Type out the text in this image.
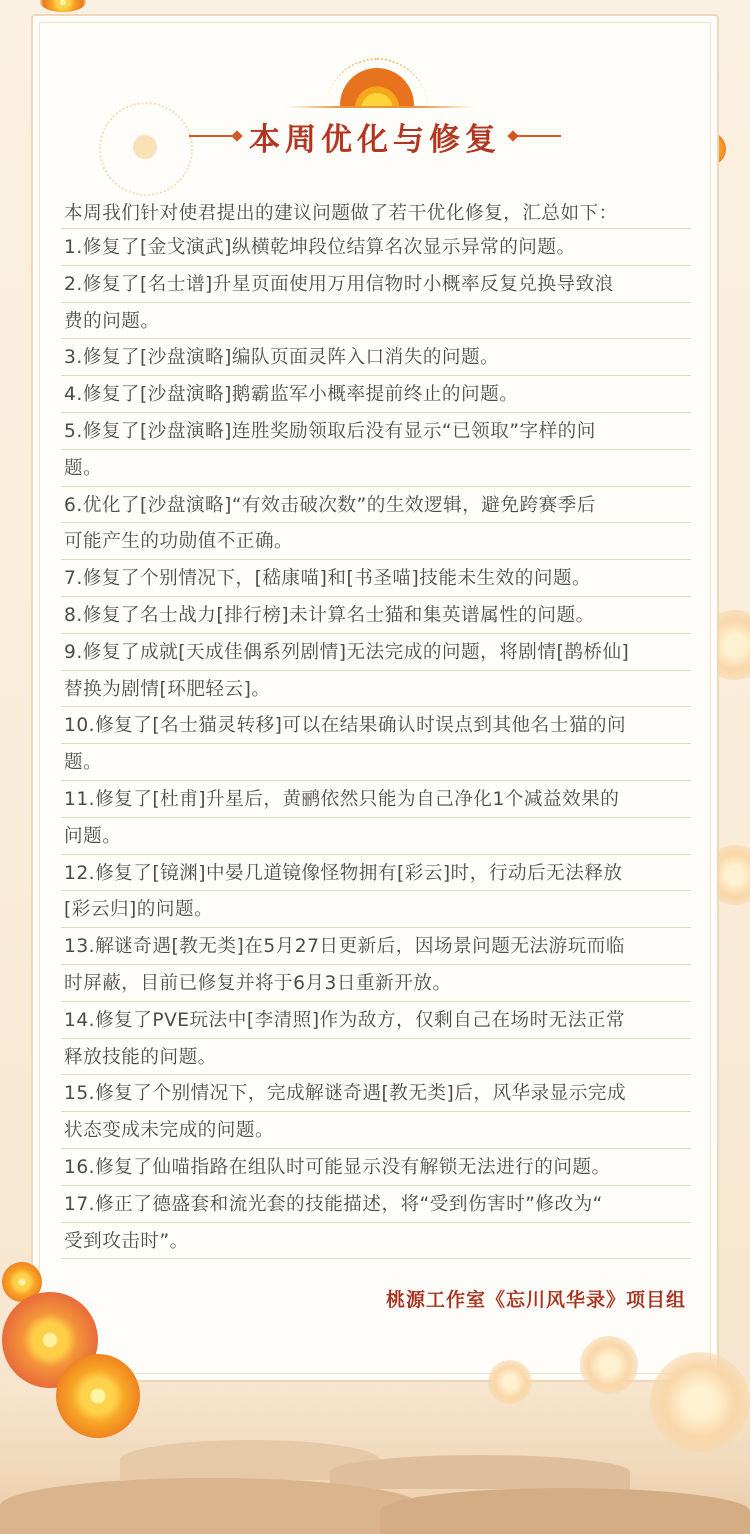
本周优化与修复
本周我们针对使君提出的建议问题做了若干优化修复，汇总如下：
1.修复了[金戈演武]纵横乾坤段位结算名次显示异常的问题。
2.修复了[名士谱]升星页面使用万用信物时小概率反复兑换导致浪
费的问题。
3.修复了[沙盘演略]编队页面灵阵入口消失的问题。
4.修复了[沙盘演略]鹅霸监军小概率提前终止的问题。
5.修复了[沙盘演略]连胜奖励领取后没有显示“已领取”字样的问
题。
6.优化了[沙盘演略]“有效击破次数”的生效逻辑，避免跨赛季后
可能产生的功勋值不正确。
7.修复了个别情况下，[嵇康喵]和[书圣喵]技能未生效的问题。
8.修复了名士战力[排行榜]未计算名士猫和集英谱属性的问题。
9.修复了成就[天成佳偶系列剧情]无法完成的问题，将剧情[鹊桥仙]
替换为剧情[环肥轻云]。
10.修复了[名士猫灵转移]可以在结果确认时误点到其他名士猫的问
题。
11.修复了[杜甫]升星后，黄鹂依然只能为自己净化1个减益效果的
问题。
12.修复了[镜渊]中晏几道镜像怪物拥有[彩云]时，行动后无法释放
[彩云归]的问题。
13.解谜奇遇[教无类]在5月27日更新后，因场景问题无法游玩而临
时屏蔽，目前已修复并将于6月3日重新开放。
14.修复了PVE玩法中[李清照]作为敌方，仅剩自己在场时无法正常
释放技能的问题。
15.修复了个别情况下，完成解谜奇遇[教无类]后，风华录显示完成
状态变成未完成的问题。
16.修复了仙喵指路在组队时可能显示没有解锁无法进行的问题。
17.修正了德盛套和流光套的技能描述，将“受到伤害时”修改为“
受到攻击时”。
桃源工作室《忘川风华录》项目组
